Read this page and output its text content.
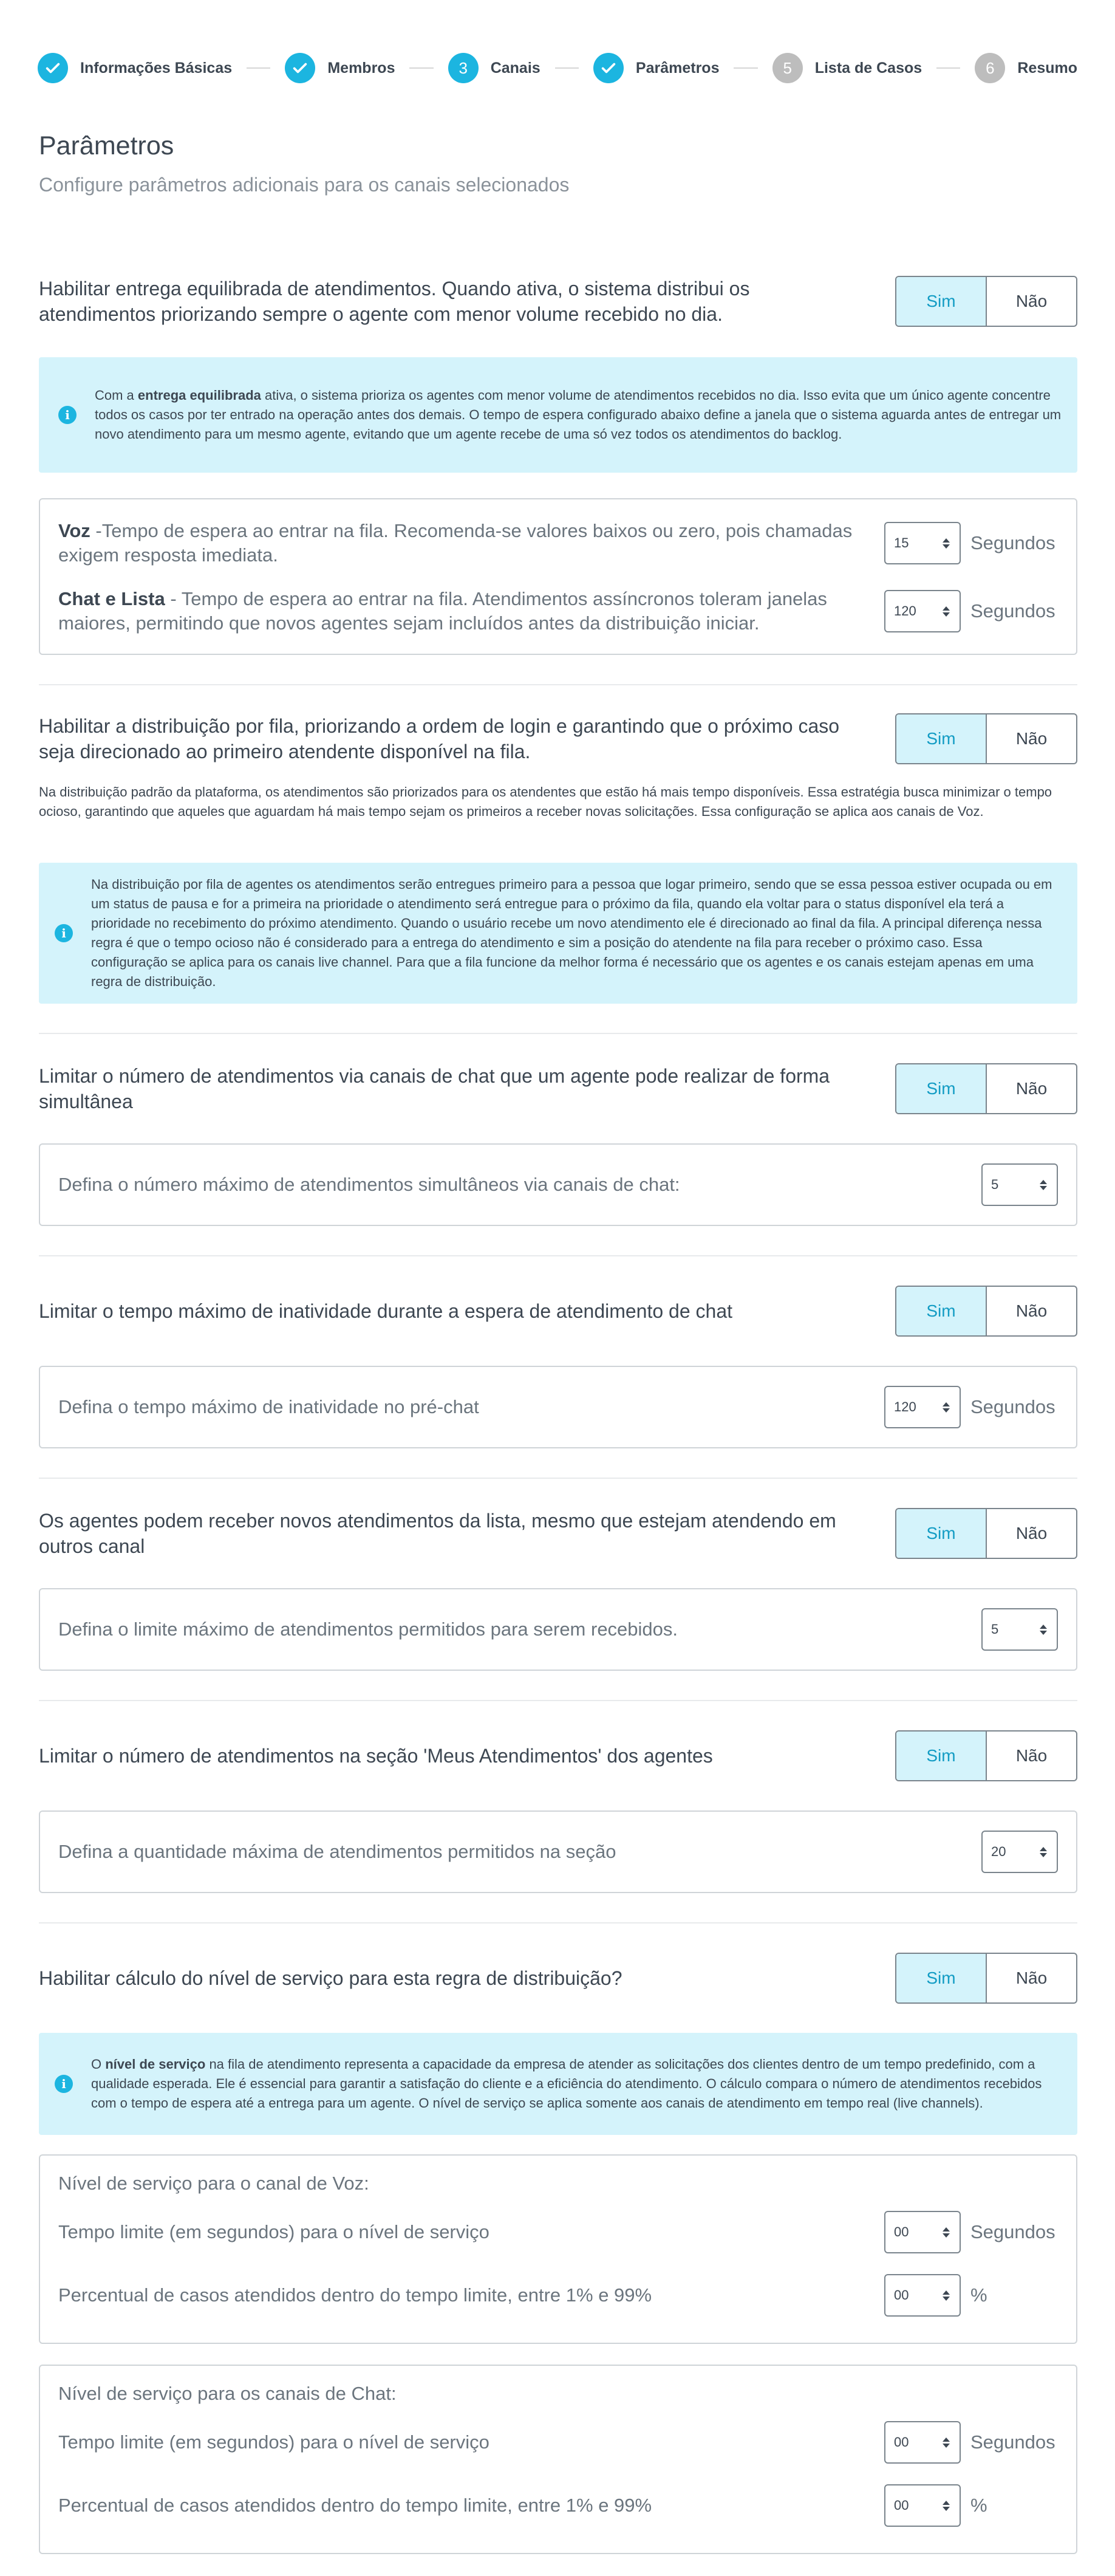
Informações Básicas	Membros	3	Canais	Parâmetros	5	Lista de Casos	6	Resumo
Parâmetros

Configure parâmetros adicionais para os canais selecionados

Habilitar entrega equilibrada de atendimentos. Quando ativa, o sistema distribui os atendimentos priorizando sempre o agente com menor volume recebido no dia.

Sim	Não
i

Com a entrega equilibrada ativa, o sistema prioriza os agentes com menor volume de atendimentos recebidos no dia. Isso evita que um único agente concentre todos os casos por ter entrado na operação antes dos demais. O tempo de espera configurado abaixo define a janela que o sistema aguarda antes de entregar um novo atendimento para um mesmo agente, evitando que um agente recebe de uma só vez todos os atendimentos do backlog.

Voz -Tempo de espera ao entrar na fila. Recomenda-se valores baixos ou zero, pois chamadas exigem resposta imediata.

15	Segundos

Chat e Lista - Tempo de espera ao entrar na fila. Atendimentos assíncronos toleram janelas maiores, permitindo que novos agentes sejam incluídos antes da distribuição iniciar.

120	Segundos

Habilitar a distribuição por fila, priorizando a ordem de login e garantindo que o próximo caso seja direcionado ao primeiro atendente disponível na fila.

Sim	Não

Na distribuição padrão da plataforma, os atendimentos são priorizados para os atendentes que estão há mais tempo disponíveis. Essa estratégia busca minimizar o tempo ocioso, garantindo que aqueles que aguardam há mais tempo sejam os primeiros a receber novas solicitações. Essa configuração se aplica aos canais de Voz.

i

Na distribuição por fila de agentes os atendimentos serão entregues primeiro para a pessoa que logar primeiro, sendo que se essa pessoa estiver ocupada ou em um status de pausa e for a primeira na prioridade o atendimento será entregue para o próximo da fila, quando ela voltar para o status disponível ela terá a prioridade no recebimento do próximo atendimento. Quando o usuário recebe um novo atendimento ele é direcionado ao final da fila. A principal diferença nessa regra é que o tempo ocioso não é considerado para a entrega do atendimento e sim a posição do atendente na fila para receber o próximo caso. Essa configuração se aplica para os canais live channel. Para que a fila funcione da melhor forma é necessário que os agentes e os canais estejam apenas em uma regra de distribuição.

Limitar o número de atendimentos via canais de chat que um agente pode realizar de forma simultânea

Sim	Não

Defina o número máximo de atendimentos simultâneos via canais de chat:	5

Limitar o tempo máximo de inatividade durante a espera de atendimento de chat	Sim	Não

Defina o tempo máximo de inatividade no pré-chat	120	Segundos

Os agentes podem receber novos atendimentos da lista, mesmo que estejam atendendo em outros canal

Sim	Não

Defina o limite máximo de atendimentos permitidos para serem recebidos.	5

Limitar o número de atendimentos na seção 'Meus Atendimentos' dos agentes	Sim	Não

Defina a quantidade máxima de atendimentos permitidos na seção	20

Habilitar cálculo do nível de serviço para esta regra de distribuição?	Sim	Não
i

O nível de serviço na fila de atendimento representa a capacidade da empresa de atender as solicitações dos clientes dentro de um tempo predefinido, com a qualidade esperada. Ele é essencial para garantir a satisfação do cliente e a eficiência do atendimento. O cálculo compara o número de atendimentos recebidos com o tempo de espera até a entrega para um agente. O nível de serviço se aplica somente aos canais de atendimento em tempo real (live channels).

Nível de serviço para o canal de Voz:

Tempo limite (em segundos) para o nível de serviço	00	Segundos

Percentual de casos atendidos dentro do tempo limite, entre 1% e 99%	00	%

Nível de serviço para os canais de Chat:

Tempo limite (em segundos) para o nível de serviço	00	Segundos

Percentual de casos atendidos dentro do tempo limite, entre 1% e 99%	00	%
